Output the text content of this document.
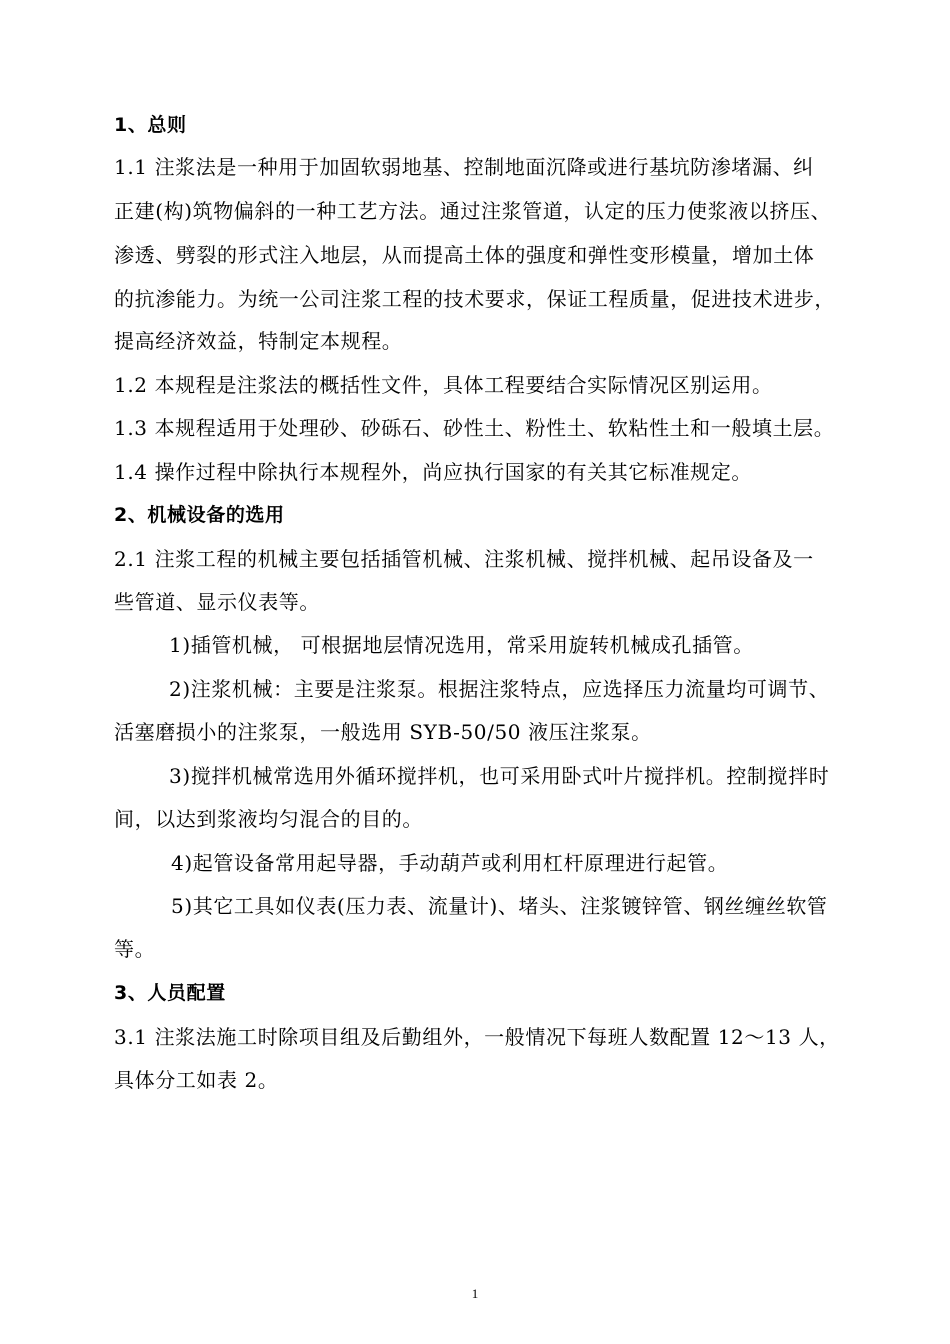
1、总则
1.1 注浆法是一种用于加固软弱地基、控制地面沉降或进行基坑防渗堵漏、纠
正建(构)筑物偏斜的一种工艺方法。通过注浆管道，认定的压力使浆液以挤压、
渗透、劈裂的形式注入地层，从而提高土体的强度和弹性变形模量，增加土体
的抗渗能力。为统一公司注浆工程的技术要求，保证工程质量，促进技术进步，
提高经济效益，特制定本规程。
1.2 本规程是注浆法的概括性文件，具体工程要结合实际情况区别运用。
1.3 本规程适用于处理砂、砂砾石、砂性土、粉性土、软粘性土和一般填土层。
1.4 操作过程中除执行本规程外，尚应执行国家的有关其它标准规定。
2、机械设备的选用
2.1 注浆工程的机械主要包括插管机械、注浆机械、搅拌机械、起吊设备及一
些管道、显示仪表等。
1)插管机械， 可根据地层情况选用，常采用旋转机械成孔插管。
2)注浆机械：主要是注浆泵。根据注浆特点，应选择压力流量均可调节、
活塞磨损小的注浆泵，一般选用 SYB-50/50 液压注浆泵。
3)搅拌机械常选用外循环搅拌机，也可采用卧式叶片搅拌机。控制搅拌时
间，以达到浆液均匀混合的目的。
4)起管设备常用起导器，手动葫芦或利用杠杆原理进行起管。
5)其它工具如仪表(压力表、流量计)、堵头、注浆镀锌管、钢丝缠丝软管
等。
3、人员配置
3.1 注浆法施工时除项目组及后勤组外，一般情况下每班人数配置 12～13 人，
具体分工如表 2。
1
